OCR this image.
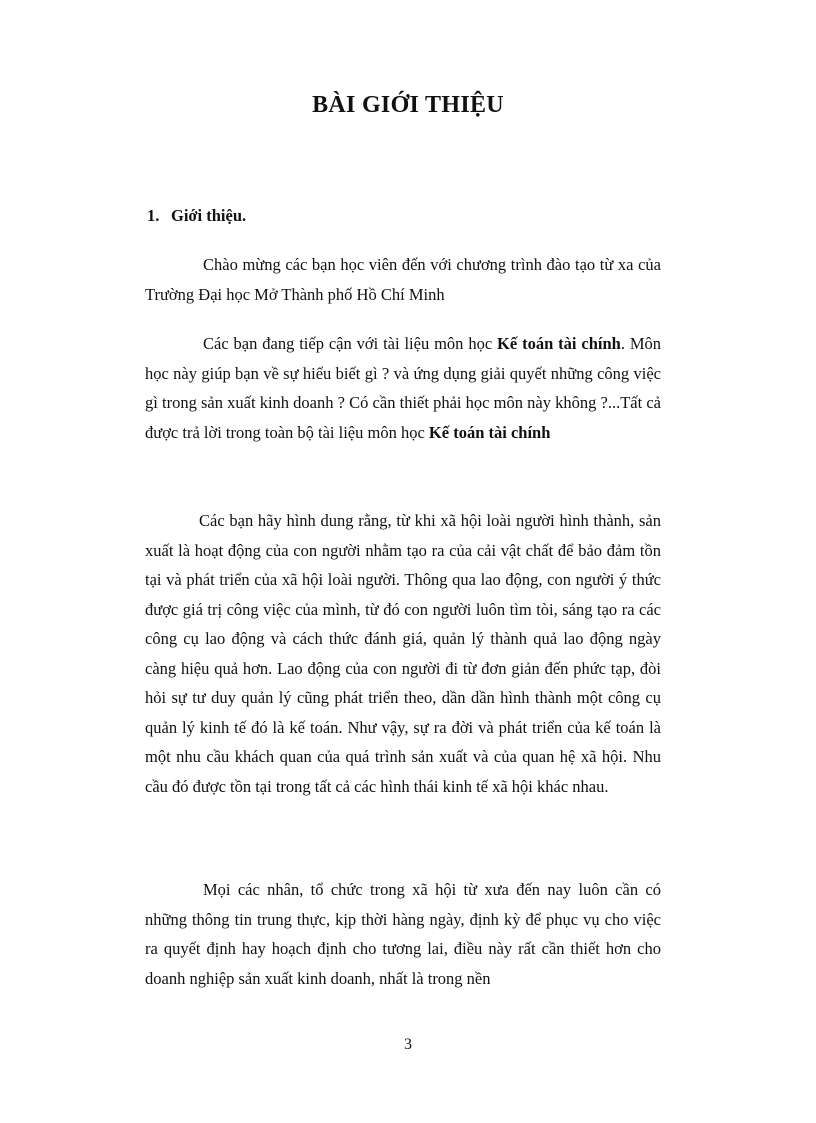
BÀI GIỚI THIỆU
1. Giới thiệu.

Chào mừng các bạn học viên đến với chương trình đào tạo từ xa của Trường Đại học Mở Thành phố Hồ Chí Minh

Các bạn đang tiếp cận với tài liệu môn học Kế toán tài chính. Môn học này giúp bạn về sự hiểu biết gì ? và ứng dụng giải quyết những công việc gì trong sản xuất kinh doanh ? Có cần thiết phải học môn này không ?...Tất cả được trả lời trong toàn bộ tài liệu môn học Kế toán tài chính

Các bạn hãy hình dung rằng, từ khi xã hội loài người hình thành, sản xuất là hoạt động của con người nhằm tạo ra của cải vật chất để bảo đảm tồn tại và phát triển của xã hội loài người. Thông qua lao động, con người ý thức được giá trị công việc của mình, từ đó con người luôn tìm tòi, sáng tạo ra các công cụ lao động và cách thức đánh giá, quản lý thành quả lao động ngày càng hiệu quả hơn. Lao động của con người đi từ đơn giản đến phức tạp, đòi hỏi sự tư duy quản lý cũng phát triển theo, dần dần hình thành một công cụ quản lý kinh tế đó là kế toán. Như vậy, sự ra đời và phát triển của kế toán là một nhu cầu khách quan của quá trình sản xuất và của quan hệ xã hội. Nhu cầu đó được tồn tại trong tất cả các hình thái kinh tế xã hội khác nhau.

Mọi các nhân, tổ chức trong xã hội từ xưa đến nay luôn cần có những thông tin trung thực, kịp thời hàng ngày, định kỳ để phục vụ cho việc ra quyết định hay hoạch định cho tương lai, điều này rất cần thiết hơn cho doanh nghiệp sản xuất kinh doanh, nhất là trong nền

3
